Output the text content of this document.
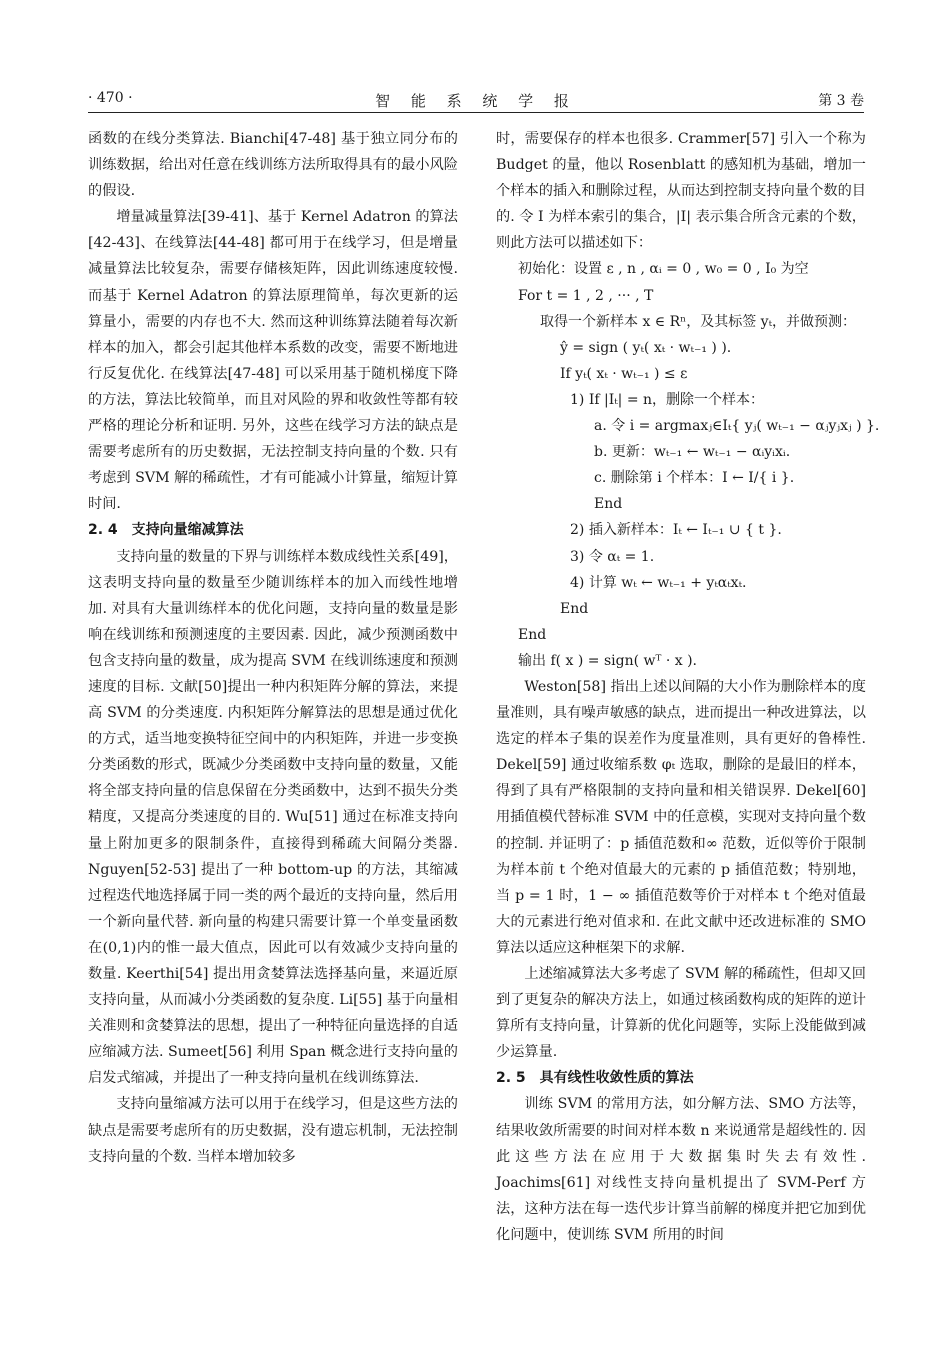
· 470 ·	智 能 系 统 学 报	第 3 卷

函数的在线分类算法. Bianchi[47-48] 基于独立同分布的训练数据，给出对任意在线训练方法所取得具有的最小风险的假设.

增量减量算法[39-41]、基于 Kernel Adatron 的算法[42-43]、在线算法[44-48] 都可用于在线学习，但是增量减量算法比较复杂，需要存储核矩阵，因此训练速度较慢. 而基于 Kernel Adatron 的算法原理简单，每次更新的运算量小，需要的内存也不大. 然而这种训练算法随着每次新样本的加入，都会引起其他样本系数的改变，需要不断地进行反复优化. 在线算法[47-48] 可以采用基于随机梯度下降的方法，算法比较简单，而且对风险的界和收敛性等都有较严格的理论分析和证明. 另外，这些在线学习方法的缺点是需要考虑所有的历史数据，无法控制支持向量的个数. 只有考虑到 SVM 解的稀疏性，才有可能减小计算量，缩短计算时间.

2. 4　支持向量缩减算法

支持向量的数量的下界与训练样本数成线性关系[49]，这表明支持向量的数量至少随训练样本的加入而线性地增加. 对具有大量训练样本的优化问题，支持向量的数量是影响在线训练和预测速度的主要因素. 因此，减少预测函数中包含支持向量的数量，成为提高 SVM 在线训练速度和预测速度的目标. 文献[50]提出一种内积矩阵分解的算法，来提高 SVM 的分类速度. 内积矩阵分解算法的思想是通过优化的方式，适当地变换特征空间中的内积矩阵，并进一步变换分类函数的形式，既减少分类函数中支持向量的数量，又能将全部支持向量的信息保留在分类函数中，达到不损失分类精度，又提高分类速度的目的. Wu[51] 通过在标准支持向量上附加更多的限制条件，直接得到稀疏大间隔分类器. Nguyen[52-53] 提出了一种 bottom-up 的方法，其缩减过程迭代地选择属于同一类的两个最近的支持向量，然后用一个新向量代替. 新向量的构建只需要计算一个单变量函数在(0,1)内的惟一最大值点，因此可以有效减少支持向量的数量. Keerthi[54] 提出用贪婪算法选择基向量，来逼近原支持向量，从而减小分类函数的复杂度. Li[55] 基于向量相关准则和贪婪算法的思想，提出了一种特征向量选择的自适应缩减方法. Sumeet[56] 利用 Span 概念进行支持向量的启发式缩减，并提出了一种支持向量机在线训练算法.

支持向量缩减方法可以用于在线学习，但是这些方法的缺点是需要考虑所有的历史数据，没有遗忘机制，无法控制支持向量的个数. 当样本增加较多

时，需要保存的样本也很多. Crammer[57] 引入一个称为 Budget 的量，他以 Rosenblatt 的感知机为基础，增加一个样本的插入和删除过程，从而达到控制支持向量个数的目的. 令 I 为样本索引的集合，|I| 表示集合所含元素的个数，则此方法可以描述如下：

初始化：设置 ε , n , αᵢ = 0 , w₀ = 0 , I₀ 为空

For t = 1 , 2 , ··· , T

取得一个新样本 x ∈ Rⁿ，及其标签 yₜ，并做预测：

ŷ = sign ( yₜ( xₜ · wₜ₋₁ ) ).

If yₜ( xₜ · wₜ₋₁ ) ≤ ε

1) If |Iₜ| = n，删除一个样本：

a. 令 i = argmaxⱼ∈Iₜ{ yⱼ( wₜ₋₁ − αⱼyⱼxⱼ ) }.

b. 更新：wₜ₋₁ ← wₜ₋₁ − αᵢyᵢxᵢ.

c. 删除第 i 个样本：I ← I/{ i }.

End

2) 插入新样本：Iₜ ← Iₜ₋₁ ∪ { t }.

3) 令 αₜ = 1.

4) 计算 wₜ ← wₜ₋₁ + yₜαₜxₜ.

End

End

输出 f( x ) = sign( wᵀ · x ).

Weston[58] 指出上述以间隔的大小作为删除样本的度量准则，具有噪声敏感的缺点，进而提出一种改进算法，以选定的样本子集的误差作为度量准则，具有更好的鲁棒性. Dekel[59] 通过收缩系数 φₜ 选取，删除的是最旧的样本，得到了具有严格限制的支持向量和相关错误界. Dekel[60] 用插值模代替标准 SVM 中的任意模，实现对支持向量个数的控制. 并证明了：p 插值范数和∞ 范数，近似等价于限制为样本前 t 个绝对值最大的元素的 p 插值范数；特别地，当 p = 1 时，1 − ∞ 插值范数等价于对样本 t 个绝对值最大的元素进行绝对值求和. 在此文献中还改进标准的 SMO 算法以适应这种框架下的求解.

上述缩减算法大多考虑了 SVM 解的稀疏性，但却又回到了更复杂的解决方法上，如通过核函数构成的矩阵的逆计算所有支持向量，计算新的优化问题等，实际上没能做到减少运算量.

2. 5　具有线性收敛性质的算法

训练 SVM 的常用方法，如分解方法、SMO 方法等，结果收敛所需要的时间对样本数 n 来说通常是超线性的. 因此这些方法在应用于大数据集时失去有效性. Joachims[61] 对线性支持向量机提出了 SVM-Perf 方法，这种方法在每一迭代步计算当前解的梯度并把它加到优化问题中，使训练 SVM 所用的时间
